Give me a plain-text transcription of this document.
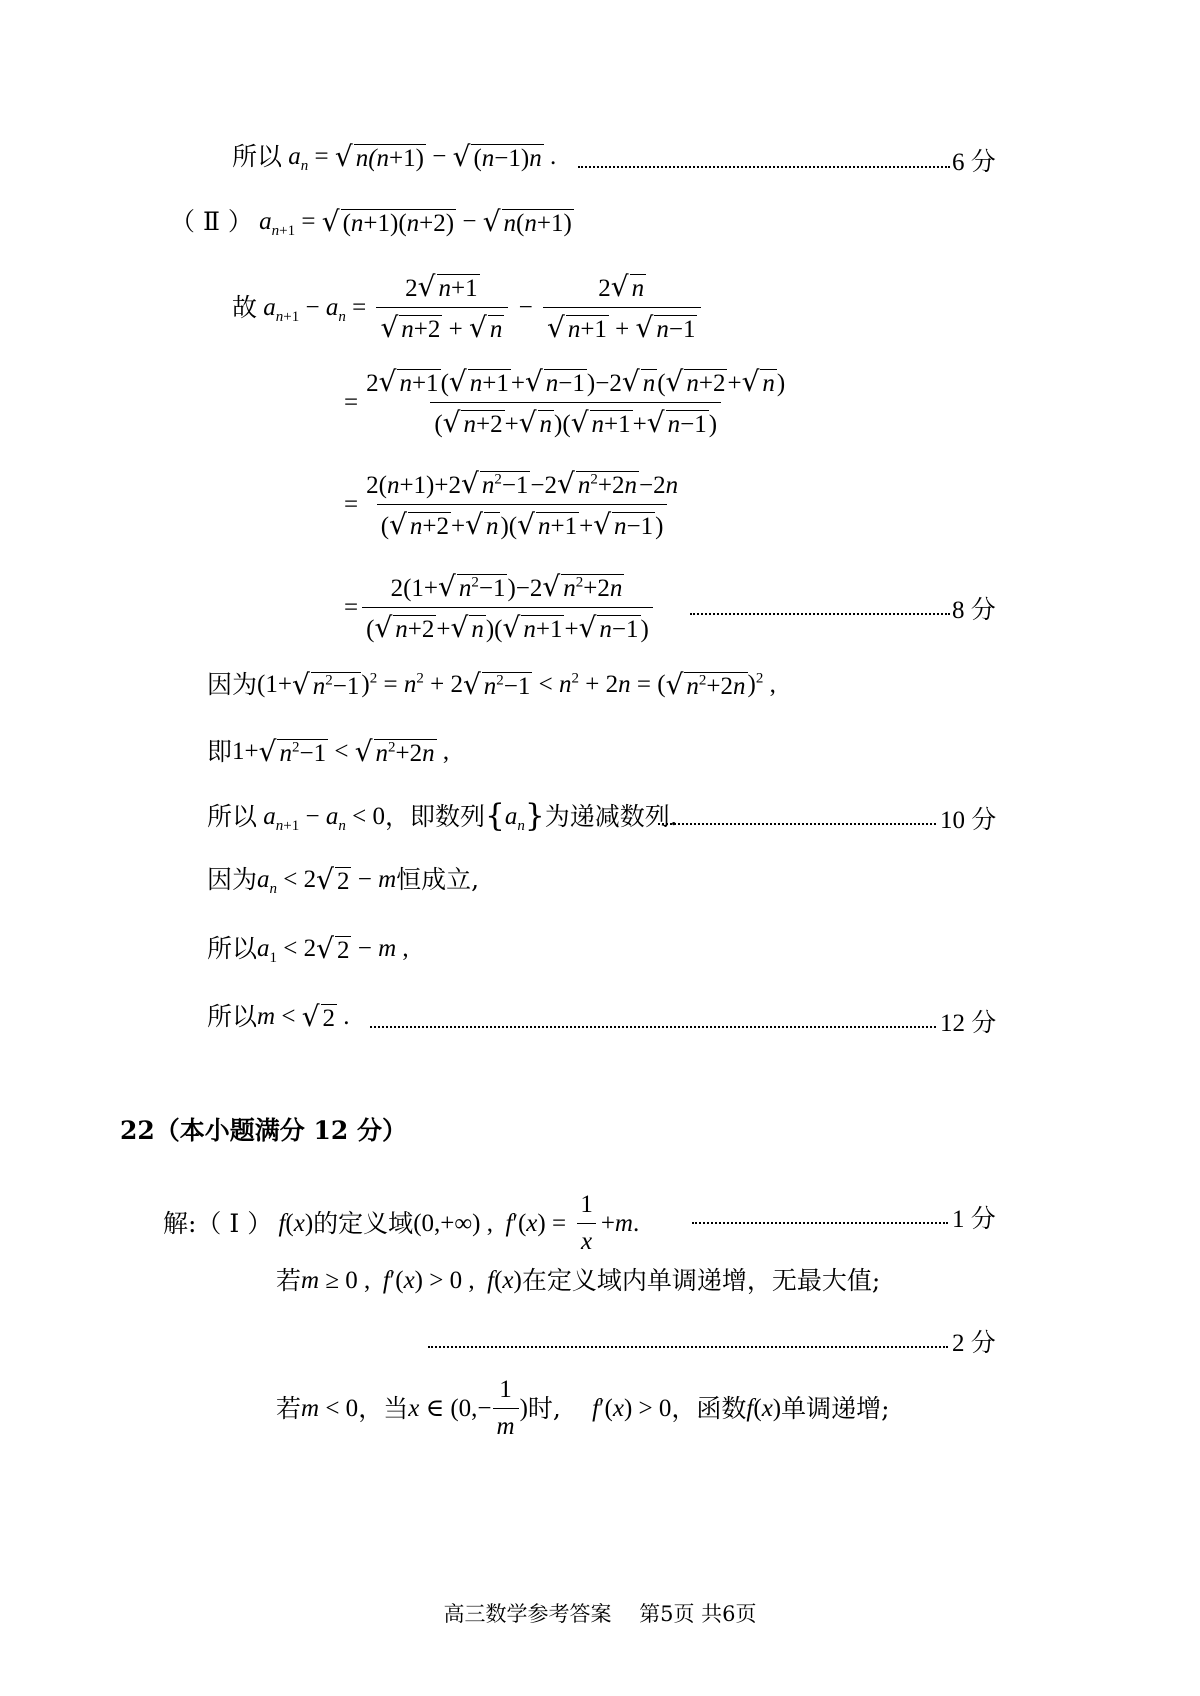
所以 $a_n$ = √ n(n+1) − √ (n−1)n .	6 分
（ Ⅱ ） $a_{n+1}$ = √ (n+1)(n+2) − √ n(n+1)
故 $a_{n+1} - a_n = \frac{2 √ n+1}{√ n+2 + √ n} - \frac{2 √ n}{√ n+1 + √ n-1}$
= $\frac{2 √ n+1 ( √ n+1 + √ n-1 )-2 √ n ( √ n+2 + √ n )}{( √ n+2 + √ n )( √ n+1 + √ n-1 )}$
= $\frac{2(n+1)+2 √ n^2-1 -2 √ n^2+2n -2n}{( √ n+2 + √ n )( √ n+1 + √ n-1 )}$
= $\frac{2(1+ √ n^2-1 )-2 √ n^2+2n}{( √ n+2 + √ n )( √ n+1 + √ n-1 )}$	8 分
因为 (1+ √ $n^2-1$ )$^2 = n^2 + 2$ √ $n^2-1 < n^2 + 2$ n = ( √ $n^2+2n$ )$^2$ ,
即 1+ √ $n^2-1$ < √ $n^2+2n$ ,
所以 $a_{n+1} - a_n < 0$ ，即数列 { $a_n$ } 为递减数列.	10 分
因为 $a_n < 2$ √ 2 − m 恒成立,
所以 $a_1 < 2$ √ 2 − m ,
所以 m < √ 2 .	12 分
22（本小题满分 12 分）
解:（ Ⅰ ） f(x) 的定义域 (0,+∞) , $f'(x) = \frac{1}{x} + m$ .	1 分
若 m ≥ 0 , f′(x) > 0 , f(x) 在定义域内单调递增，无最大值;
2 分
若 m < 0 ，当 x ∈ ($0,- \frac{1}{m}$ ) 时,
f′(x) > 0 ，函数 f(x) 单调递增;
高三数学参考答案　 第5页 共6页
